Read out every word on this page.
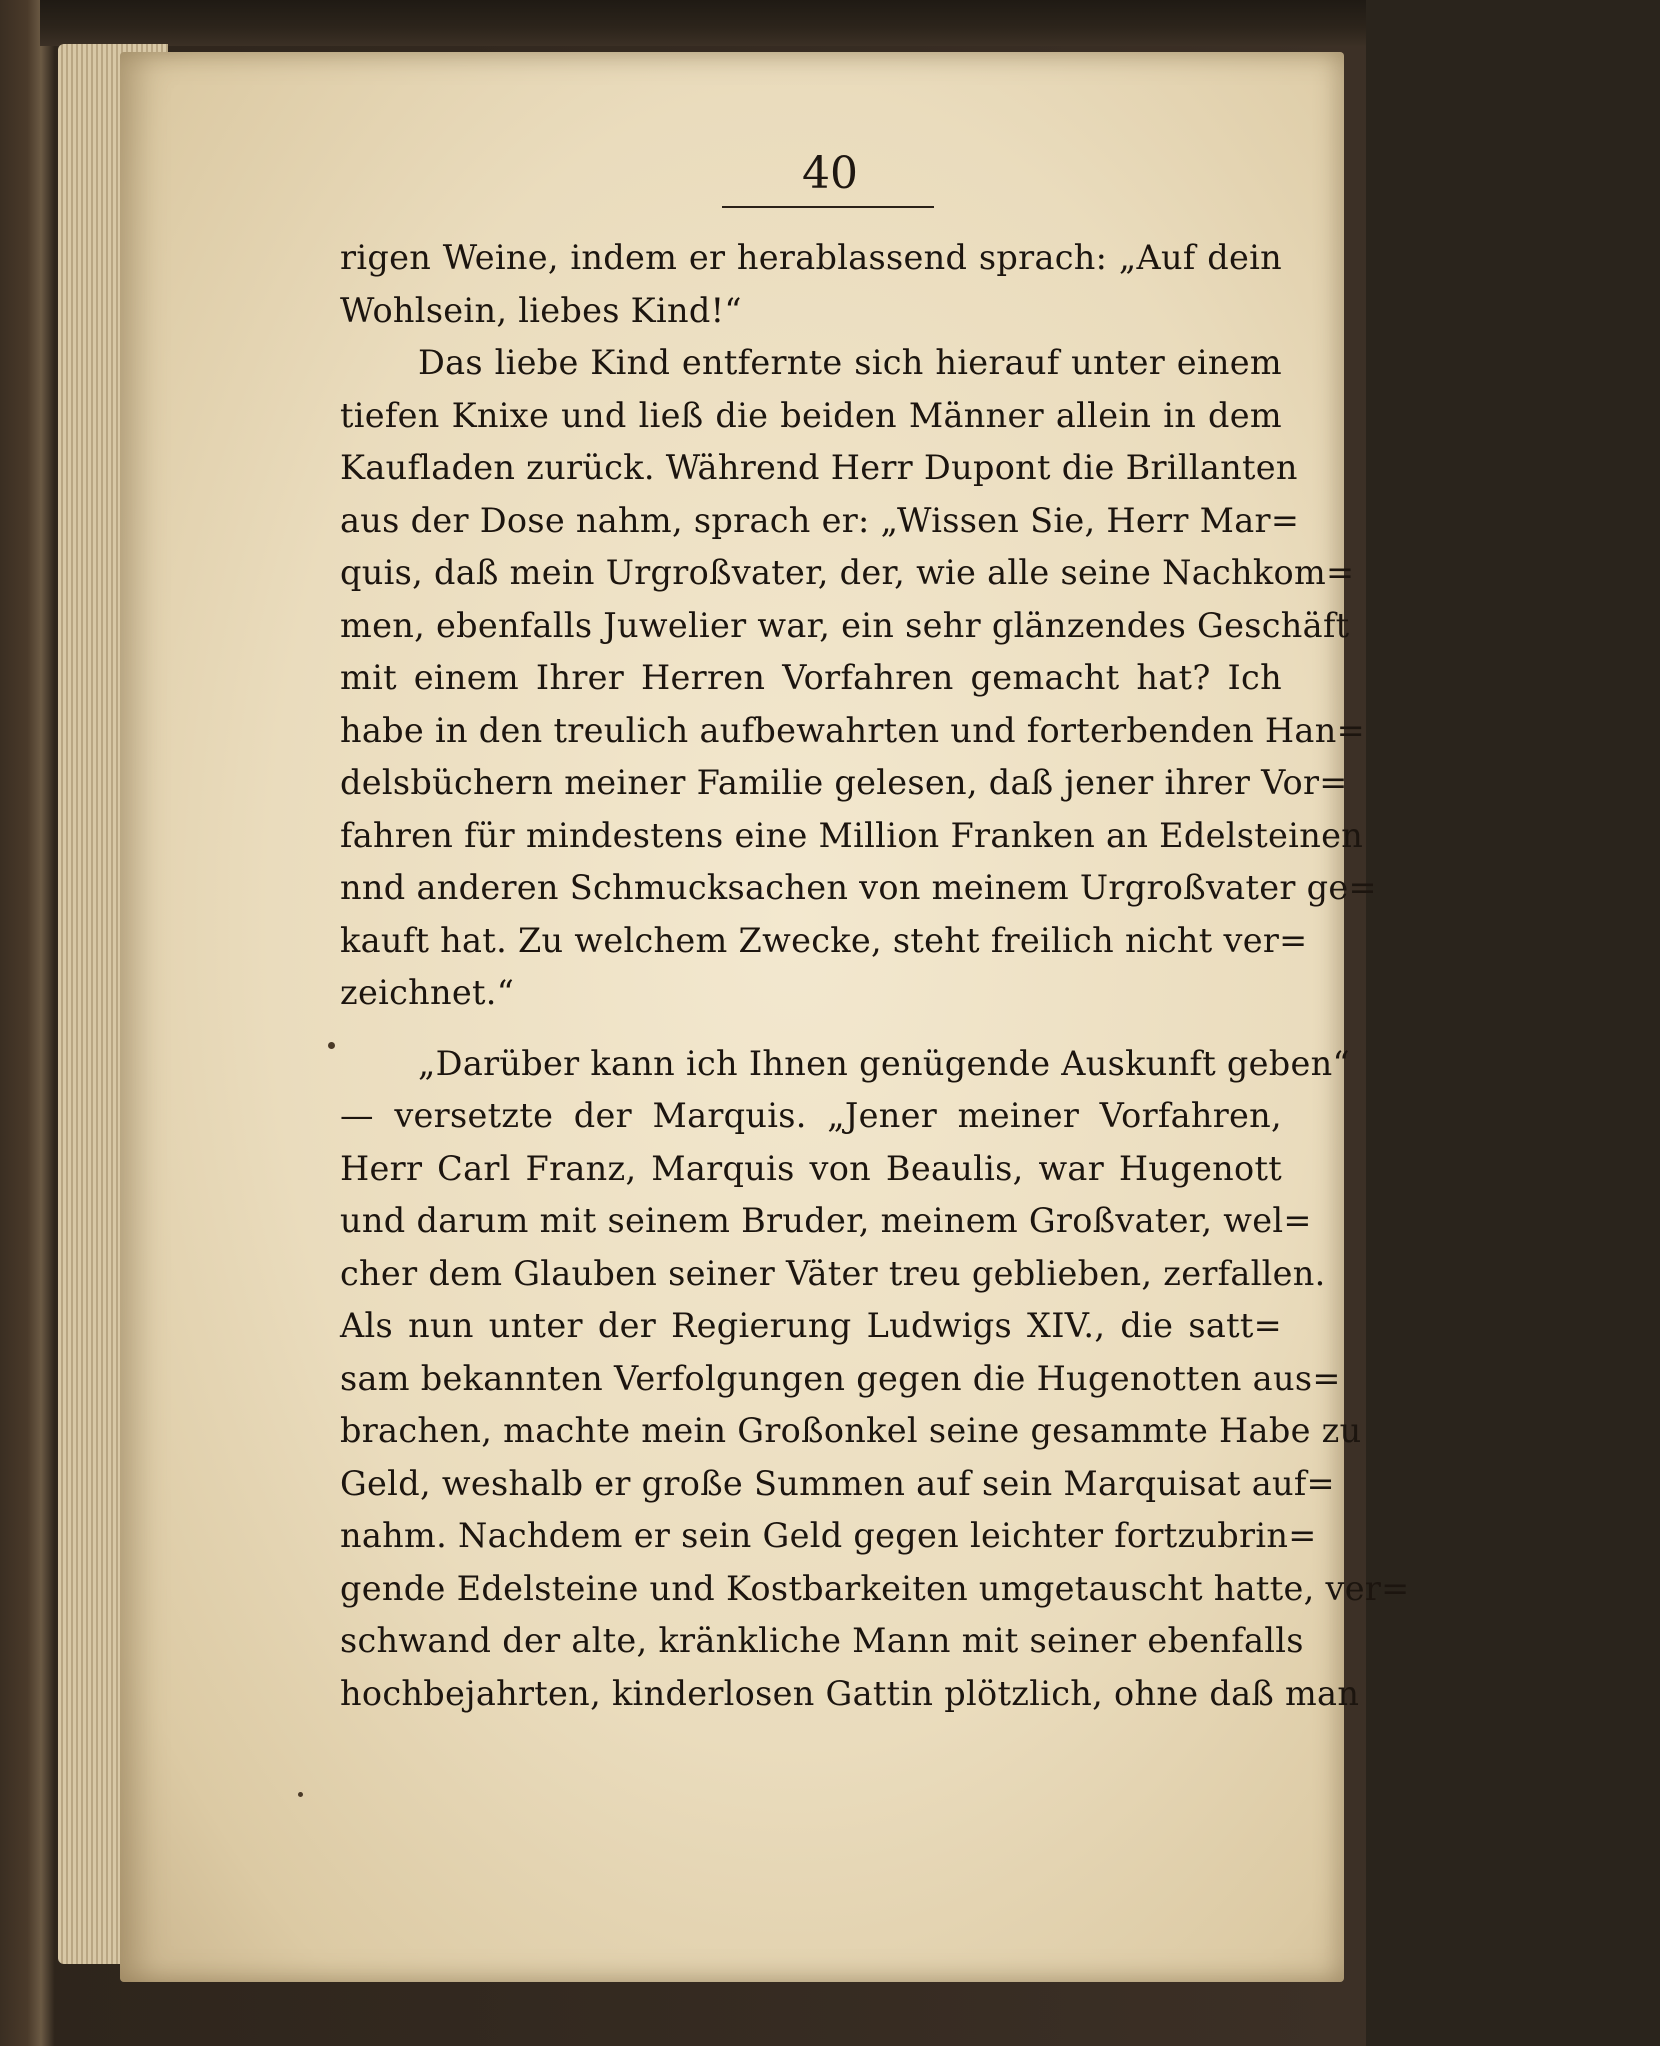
40
rigen Weine, indem er herablassend sprach: „Auf dein
Wohlsein, liebes Kind!“
Das liebe Kind entfernte sich hierauf unter einem
tiefen Knixe und ließ die beiden Männer allein in dem
Kaufladen zurück. Während Herr Dupont die Brillanten
aus der Dose nahm, sprach er: „Wissen Sie, Herr Mar=
quis, daß mein Urgroßvater, der, wie alle seine Nachkom=
men, ebenfalls Juwelier war, ein sehr glänzendes Geschäft
mit einem Ihrer Herren Vorfahren gemacht hat? Ich
habe in den treulich aufbewahrten und forterbenden Han=
delsbüchern meiner Familie gelesen, daß jener ihrer Vor=
fahren für mindestens eine Million Franken an Edelsteinen
nnd anderen Schmucksachen von meinem Urgroßvater ge=
kauft hat. Zu welchem Zwecke, steht freilich nicht ver=
zeichnet.“
„Darüber kann ich Ihnen genügende Auskunft geben“
— versetzte der Marquis. „Jener meiner Vorfahren,
Herr Carl Franz, Marquis von Beaulis, war Hugenott
und darum mit seinem Bruder, meinem Großvater, wel=
cher dem Glauben seiner Väter treu geblieben, zerfallen.
Als nun unter der Regierung Ludwigs XIV., die satt=
sam bekannten Verfolgungen gegen die Hugenotten aus=
brachen, machte mein Großonkel seine gesammte Habe zu
Geld, weshalb er große Summen auf sein Marquisat auf=
nahm. Nachdem er sein Geld gegen leichter fortzubrin=
gende Edelsteine und Kostbarkeiten umgetauscht hatte, ver=
schwand der alte, kränkliche Mann mit seiner ebenfalls
hochbejahrten, kinderlosen Gattin plötzlich, ohne daß man
